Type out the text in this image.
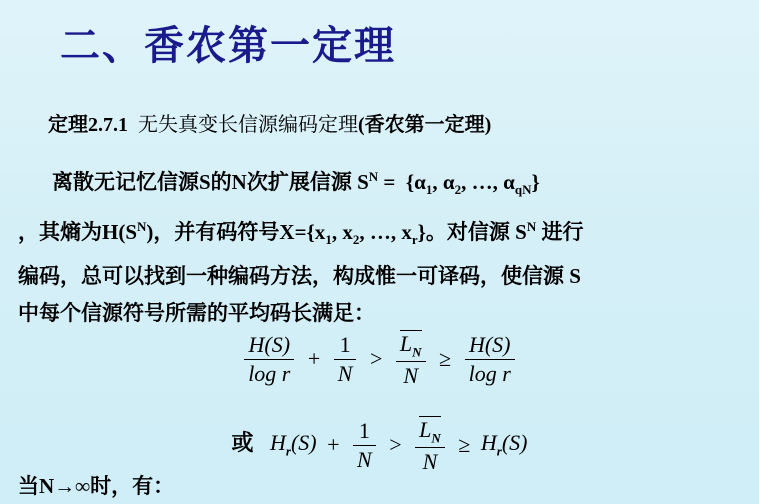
二、香农第一定理
定理2.7.1 无失真变长信源编码定理(香农第一定理)
离散无记忆信源S的N次扩展信源 $S^N = \{\alpha_1$, $\alpha_2$, …, $\alpha_{qN}$}
，其熵为$H(S^N)$，并有码符号$X=\{x_1$, $x_2$, …, $x_r$}。对信源 $S^N$ 进行
编码，总可以找到一种编码方法，构成惟一可译码，使信源 S
中每个信源符号所需的平均码长满足：
$\frac{H(S)}{\text{log r}} + \frac{1}{N} > \frac{L_N}{N} \ge \frac{H(S)}{\text{log r}}$
或 $H_r(S) + \frac{1}{N} > \frac{L_N}{N} \ge H_r(S)$
当N→∞时，有：
